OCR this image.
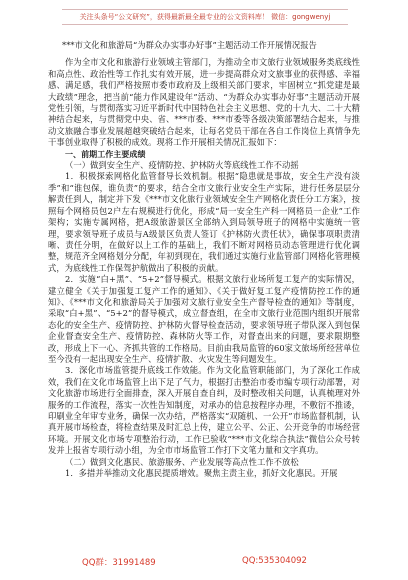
关注头条号“公文研究”，获得最新最全最专业的公文资料库！ 微信：gongwenyj

***市文化和旅游局“为群众办实事办好事”主题活动工作开展情况报告

作为全市文化和旅游行业领域主管部门，为推动全市文旅行业领域服务类底线性和高点性、政治性等工作扎实有效开展，进一步提高群众对文旅事业的获得感、幸福感、满足感，我们严格按照市委市政府及上级相关部门要求，牢固树立“抓党建是最大政绩”理念，把当前“能力作风建设年”活动、“为群众办实事办好事”主题活动开展党性引领，与贯彻落实习近平新时代中国特色社会主义思想、党的十九大、二十大精神结合起来，与贯彻党中央、省、***市委、***市委等各级决策部署结合起来，与推动文旅融合事业发展超越突破结合起来，让每名党员干部在各自工作岗位上真情争先干事创业取得了积极的成效。现将工作开展相关情况汇报如下：

一、前期工作主要成绩

（一）做到安全生产、疫情防控、护林防火等底线性工作不动摇

1．积极探索网格化监管督导长效机制。根据“隐患就是事故，安全生产没有淡季”和“谁包保，谁负责”的要求，结合全市文旅行业安全生产实际，进行任务层层分解责任到人，制定并下发《***市文化旅行业领域安全生产网格化责任分工方案》，按照每个网格员包2户左右规模进行优化，形成“局一安全生产科一网格员一企业”工作架构；实施专属网格，把A级旅游景区全部纳入到局领导班子的网格中实施统一管理，要求领导班子成员与A级景区负责人签订《护林防火责任状》，确保事项职责清晰、责任分明，在做好以上工作的基础上，我们不断对网格员动态管理进行优化调整，规范齐全网格划分分配，年初到现在，我们通过实施行业监管部门网格化管理模式，为底线性工作保驾护航做出了积极的贡献。

2．实施“白+黑”、“5+2”督导模式。根据文旅行业场所复工复产的实际情况，建立健全《关于加强复工复产工作的通知》、《关于做好复工复产疫情防控工作的通知》、《***市文化和旅游局关于加强对文旅行业安全生产督导检查的通知》等制度，采取“白+黑”、“5+2”的督导模式，成立督查组，在全市文旅行业范围内组织开展常态化的安全生产、疫情防控、护林防火督导检查活动，要求领导班子带队深入到包保企业督查安全生产、疫情防控、森林防火等工作，对督查出来的问题，要求限期整改，形成上下一心、齐抓共管的工作格局。目前由我局监管的60家文旅场所经营单位至今没有一起出现安全生产、疫情扩散、火灾发生等问题发生。

3．深化市场监管提升底线工作效能。作为文化监管职能部门，为了深化工作成效，我们在文化市场监管上出下足了气力，根据打击整治市委市编专项行动部署，对文化旅游市场进行全面排查，深入开展自查自纠，及时整改相关问题，认真梳理对外服务的工作流程，落实一次性告知制度，对承办的信息按程序办理，不敷衍不推诿，印刷业全年审专业务，确保一次办结，严格落实“双随机、一公开”市场监督机制，认真开展市场检查，将检查结果及时汇总上传，建立公平、公正、公开竞争的市场经营环境。开展文化市场专项整治行动，工作已验收“***市文化综合执法”微信公众号转发并上报省专项行动小组，为全市市场监管工作打下文笔力量和文字真功。

（二）做到文化惠民、旅游服务、产业发展等高点性工作不放松

1．多措并举推动文化惠民提质增效。聚焦主责主业，抓好文化惠民。开展

QQ群：31991489	QQ:535304092
